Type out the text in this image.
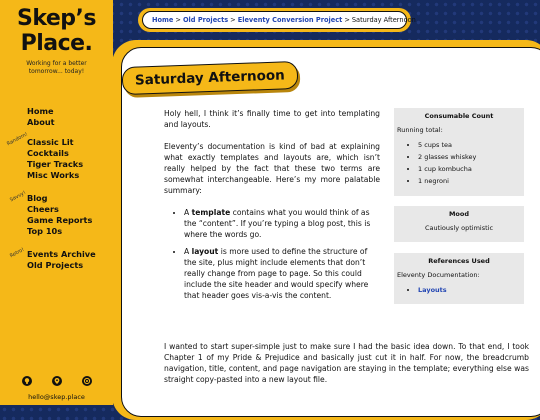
Skep’s
Place.
Working for a better
tomorrow... today!
Home
About
Random!
Classic Lit
Cocktails
Tiger Tracks
Misc Works
Savvy! Blog
Cheers
Game Reports
Top 10s
Retro! Events Archive
Old Projects
hello@skep.place
Home > Old Projects > Eleventy Conversion Project > Saturday Afternoon
Saturday Afternoon

Holy hell, I think it’s finally time to get into templating and layouts.

Eleventy’s documentation is kind of bad at explaining what exactly templates and layouts are, which isn’t really helped by the fact that these two terms are somewhat interchangeable. Here’s my more palatable summary:

• A template contains what you would think of as the “content”. If you’re typing a blog post, this is where the words go.
• A layout is more used to define the structure of the site, plus might include elements that don’t really change from page to page. So this could include the site header and would specify where that header goes vis-a-vis the content.
I wanted to start super-simple just to make sure I had the basic idea down. To that end, I took Chapter 1 of my Pride & Prejudice and basically just cut it in half. For now, the breadcrumb navigation, title, content, and page navigation are staying in the template; everything else was straight copy-pasted into a new layout file.
Consumable Count
Running total:
• 5 cups tea
• 2 glasses whiskey
• 1 cup kombucha
• 1 negroni
Mood
Cautiously optimistic
References Used
Eleventy Documentation:
• Layouts
